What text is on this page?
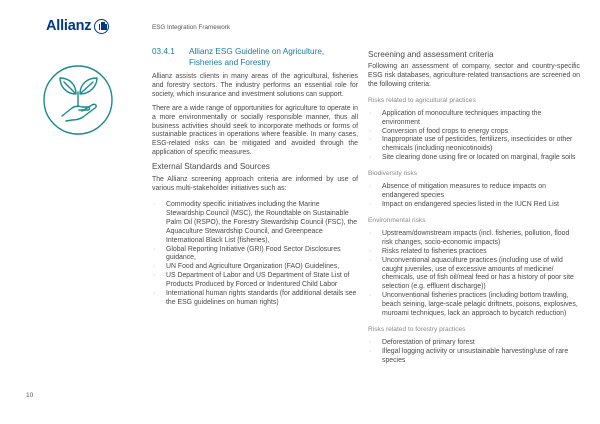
Allianz	ESG Integration Framework
03.4.1	Allianz ESG Guideline on Agriculture, Fisheries and Forestry

Allianz assists clients in many areas of the agricultural, fisheries and forestry sectors. The industry performs an essential role for society, which insurance and investment solutions can support.

There are a wide range of opportunities for agriculture to operate in a more environmentally or socially responsible manner, thus all business activities should seek to incorporate methods or forms of sustainable practices in operations where feasible. In many cases, ESG-related risks can be mitigated and avoided through the application of specific measures.

External Standards and Sources

The Allianz screening approach criteria are informed by use of various multi-stakeholder initiatives such as:

· Commodity specific initiatives including the Marine Stewardship Council (MSC), the Roundtable on Sustainable Palm Oil (RSPO), the Forestry Stewardship Council (FSC), the Aquaculture Stewardship Council, and Greenpeace International Black List (fisheries),
· Global Reporting Initiative (GRI) Food Sector Disclosures guidance,
· UN Food and Agriculture Organization (FAO) Guidelines,
· US Department of Labor and US Department of State List of Products Produced by Forced or Indentured Child Labor
· International human rights standards (for additional details see the ESG guidelines on human rights)
Screening and assessment criteria

Following an assessment of company, sector and country-specific ESG risk databases, agriculture-related transactions are screened on the following criteria:

Risks related to agricultural practices
· Application of monoculture techniques impacting the environment
· Conversion of food crops to energy crops
· Inappropriate use of pesticides, fertilizers, insecticides or other chemicals (including neonicotinoids)
· Site clearing done using fire or located on marginal, fragile soils
Biodiversity risks
· Absence of mitigation measures to reduce impacts on endangered species
· Impact on endangered species listed in the IUCN Red List
Environmental risks
· Upstream/downstream impacts (incl. fisheries, pollution, flood risk changes, socio-economic impacts)
· Risks related to fisheries practices
· Unconventional aquaculture practices (including use of wild caught juveniles, use of excessive amounts of medicine/ chemicals, use of fish oil/meal feed or has a history of poor site selection (e.g. effluent discharge))
· Unconventional fisheries practices (including bottom trawling, beach seining, large-scale pelagic driftnets, poisons, explosives, muroami techniques, lack an approach to bycatch reduction)
Risks related to forestry practices
· Deforestation of primary forest
· Illegal logging activity or unsustainable harvesting/use of rare species
10
